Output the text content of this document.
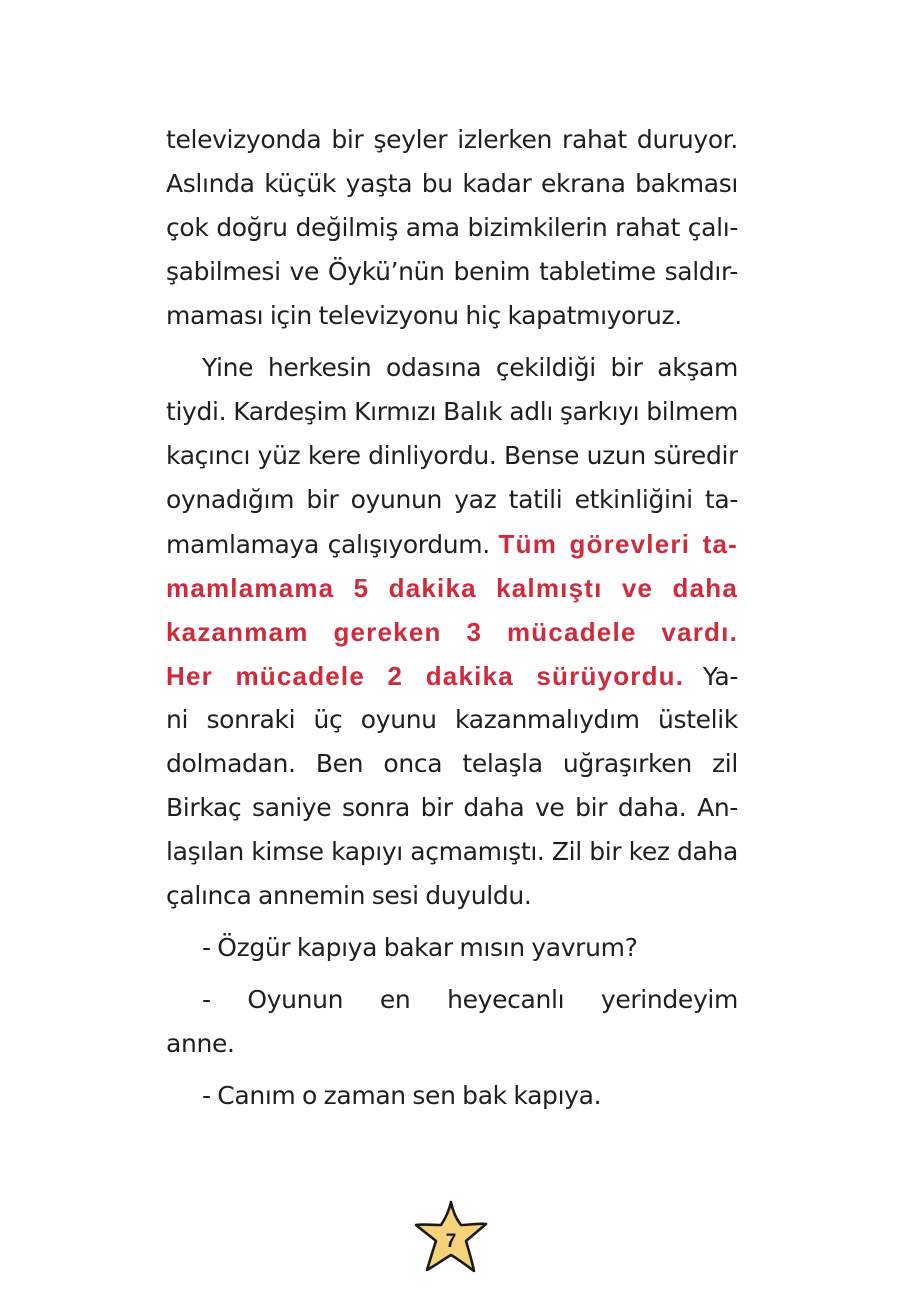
televizyonda bir şeyler izlerken rahat duruyor.
Aslında küçük yaşta bu kadar ekrana bakması
çok doğru değilmiş ama bizimkilerin rahat çalı-
şabilmesi ve Öykü’nün benim tabletime saldır-
maması için televizyonu hiç kapatmıyoruz.
Yine herkesin odasına çekildiği bir akşam
tiydi. Kardeşim Kırmızı Balık adlı şarkıyı bilmem
kaçıncı yüz kere dinliyordu. Bense uzun süredir
oynadığım bir oyunun yaz tatili etkinliğini ta-
mamlamaya çalışıyordum. Tüm görevleri ta-
mamlamama 5 dakika kalmıştı ve daha
kazanmam gereken 3 mücadele vardı.
Her mücadele 2 dakika sürüyordu. Ya-
ni sonraki üç oyunu kazanmalıydım üstelik
dolmadan. Ben onca telaşla uğraşırken zil
Birkaç saniye sonra bir daha ve bir daha. An-
laşılan kimse kapıyı açmamıştı. Zil bir kez daha
çalınca annemin sesi duyuldu.
- Özgür kapıya bakar mısın yavrum?
- Oyunun en heyecanlı yerindeyim
anne.
- Canım o zaman sen bak kapıya.
7
